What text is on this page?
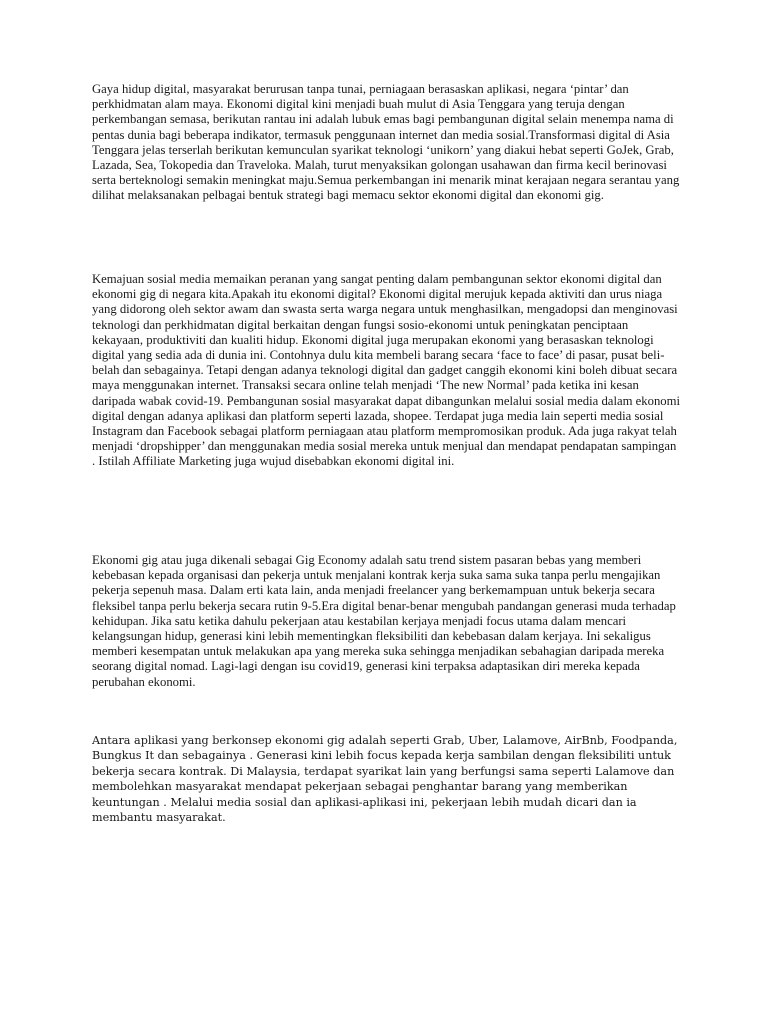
Gaya hidup digital, masyarakat berurusan tanpa tunai, perniagaan berasaskan aplikasi, negara ‘pintar’ dan perkhidmatan alam maya. Ekonomi digital kini menjadi buah mulut di Asia Tenggara yang teruja dengan perkembangan semasa, berikutan rantau ini adalah lubuk emas bagi pembangunan digital selain menempa nama di pentas dunia bagi beberapa indikator, termasuk penggunaan internet dan media sosial.Transformasi digital di Asia Tenggara jelas terserlah berikutan kemunculan syarikat teknologi ‘unikorn’ yang diakui hebat seperti GoJek, Grab, Lazada, Sea, Tokopedia dan Traveloka. Malah, turut menyaksikan golongan usahawan dan firma kecil berinovasi serta berteknologi semakin meningkat maju.Semua perkembangan ini menarik minat kerajaan negara serantau yang dilihat melaksanakan pelbagai bentuk strategi bagi memacu sektor ekonomi digital dan ekonomi gig.

Kemajuan sosial media memaikan peranan yang sangat penting dalam pembangunan sektor ekonomi digital dan ekonomi gig di negara kita.Apakah itu ekonomi digital? Ekonomi digital merujuk kepada aktiviti dan urus niaga yang didorong oleh sektor awam dan swasta serta warga negara untuk menghasilkan, mengadopsi dan menginovasi teknologi dan perkhidmatan digital berkaitan dengan fungsi sosio-ekonomi untuk peningkatan penciptaan kekayaan, produktiviti dan kualiti hidup. Ekonomi digital juga merupakan ekonomi yang berasaskan teknologi digital yang sedia ada di dunia ini. Contohnya dulu kita membeli barang secara ‘face to face’ di pasar, pusat beli-belah dan sebagainya. Tetapi dengan adanya teknologi digital dan gadget canggih ekonomi kini boleh dibuat secara maya menggunakan internet. Transaksi secara online telah menjadi ‘The new Normal’ pada ketika ini kesan daripada wabak covid-19. Pembangunan sosial masyarakat dapat dibangunkan melalui sosial media dalam ekonomi digital dengan adanya aplikasi dan platform seperti lazada, shopee. Terdapat juga media lain seperti media sosial Instagram dan Facebook sebagai platform perniagaan atau platform mempromosikan produk. Ada juga rakyat telah menjadi ‘dropshipper’ dan menggunakan media sosial mereka untuk menjual dan mendapat pendapatan sampingan . Istilah Affiliate Marketing juga wujud disebabkan ekonomi digital ini.

Ekonomi gig atau juga dikenali sebagai Gig Economy adalah satu trend sistem pasaran bebas yang memberi kebebasan kepada organisasi dan pekerja untuk menjalani kontrak kerja suka sama suka tanpa perlu mengajikan pekerja sepenuh masa. Dalam erti kata lain, anda menjadi freelancer yang berkemampuan untuk bekerja secara fleksibel tanpa perlu bekerja secara rutin 9-5.Era digital benar-benar mengubah pandangan generasi muda terhadap kehidupan. Jika satu ketika dahulu pekerjaan atau kestabilan kerjaya menjadi focus utama dalam mencari kelangsungan hidup, generasi kini lebih mementingkan fleksibiliti dan kebebasan dalam kerjaya. Ini sekaligus memberi kesempatan untuk melakukan apa yang mereka suka sehingga menjadikan sebahagian daripada mereka seorang digital nomad. Lagi-lagi dengan isu covid19, generasi kini terpaksa adaptasikan diri mereka kepada perubahan ekonomi.

Antara aplikasi yang berkonsep ekonomi gig adalah seperti Grab, Uber, Lalamove, AirBnb, Foodpanda, Bungkus It dan sebagainya . Generasi kini lebih focus kepada kerja sambilan dengan fleksibiliti untuk bekerja secara kontrak. Di Malaysia, terdapat syarikat lain yang berfungsi sama seperti Lalamove dan membolehkan masyarakat mendapat pekerjaan sebagai penghantar barang yang memberikan keuntungan . Melalui media sosial dan aplikasi-aplikasi ini, pekerjaan lebih mudah dicari dan ia membantu masyarakat.
